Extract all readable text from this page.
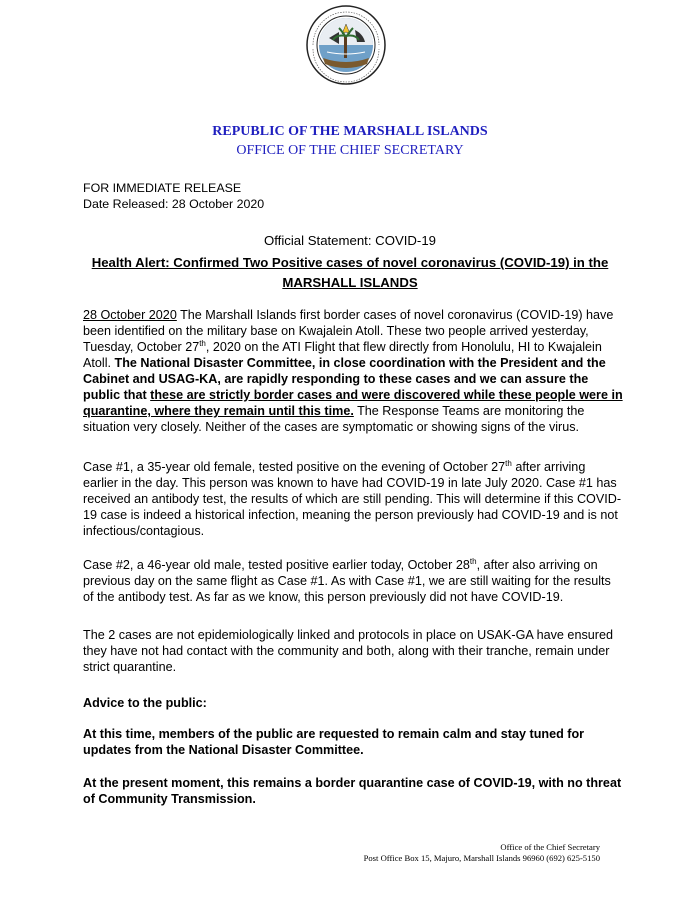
REPUBLIC OF THE MARSHALL ISLANDS
OFFICE OF THE CHIEF SECRETARY
FOR IMMEDIATE RELEASE
Date Released: 28 October 2020
Official Statement: COVID-19
Health Alert: Confirmed Two Positive cases of novel coronavirus (COVID-19) in the MARSHALL ISLANDS
28 October 2020 The Marshall Islands first border cases of novel coronavirus (COVID-19) have been identified on the military base on Kwajalein Atoll. These two people arrived yesterday, Tuesday, October 27th, 2020 on the ATI Flight that flew directly from Honolulu, HI to Kwajalein Atoll. The National Disaster Committee, in close coordination with the President and the Cabinet and USAG-KA, are rapidly responding to these cases and we can assure the public that these are strictly border cases and were discovered while these people were in quarantine, where they remain until this time. The Response Teams are monitoring the situation very closely. Neither of the cases are symptomatic or showing signs of the virus.
Case #1, a 35-year old female, tested positive on the evening of October 27th after arriving earlier in the day. This person was known to have had COVID-19 in late July 2020. Case #1 has received an antibody test, the results of which are still pending. This will determine if this COVID-19 case is indeed a historical infection, meaning the person previously had COVID-19 and is not infectious/contagious.
Case #2, a 46-year old male, tested positive earlier today, October 28th, after also arriving on previous day on the same flight as Case #1. As with Case #1, we are still waiting for the results of the antibody test. As far as we know, this person previously did not have COVID-19.
The 2 cases are not epidemiologically linked and protocols in place on USAK-GA have ensured they have not had contact with the community and both, along with their tranche, remain under strict quarantine.
Advice to the public:
At this time, members of the public are requested to remain calm and stay tuned for updates from the National Disaster Committee.
At the present moment, this remains a border quarantine case of COVID-19, with no threat of Community Transmission.
Office of the Chief Secretary
Post Office Box 15, Majuro, Marshall Islands 96960 (692) 625-5150
